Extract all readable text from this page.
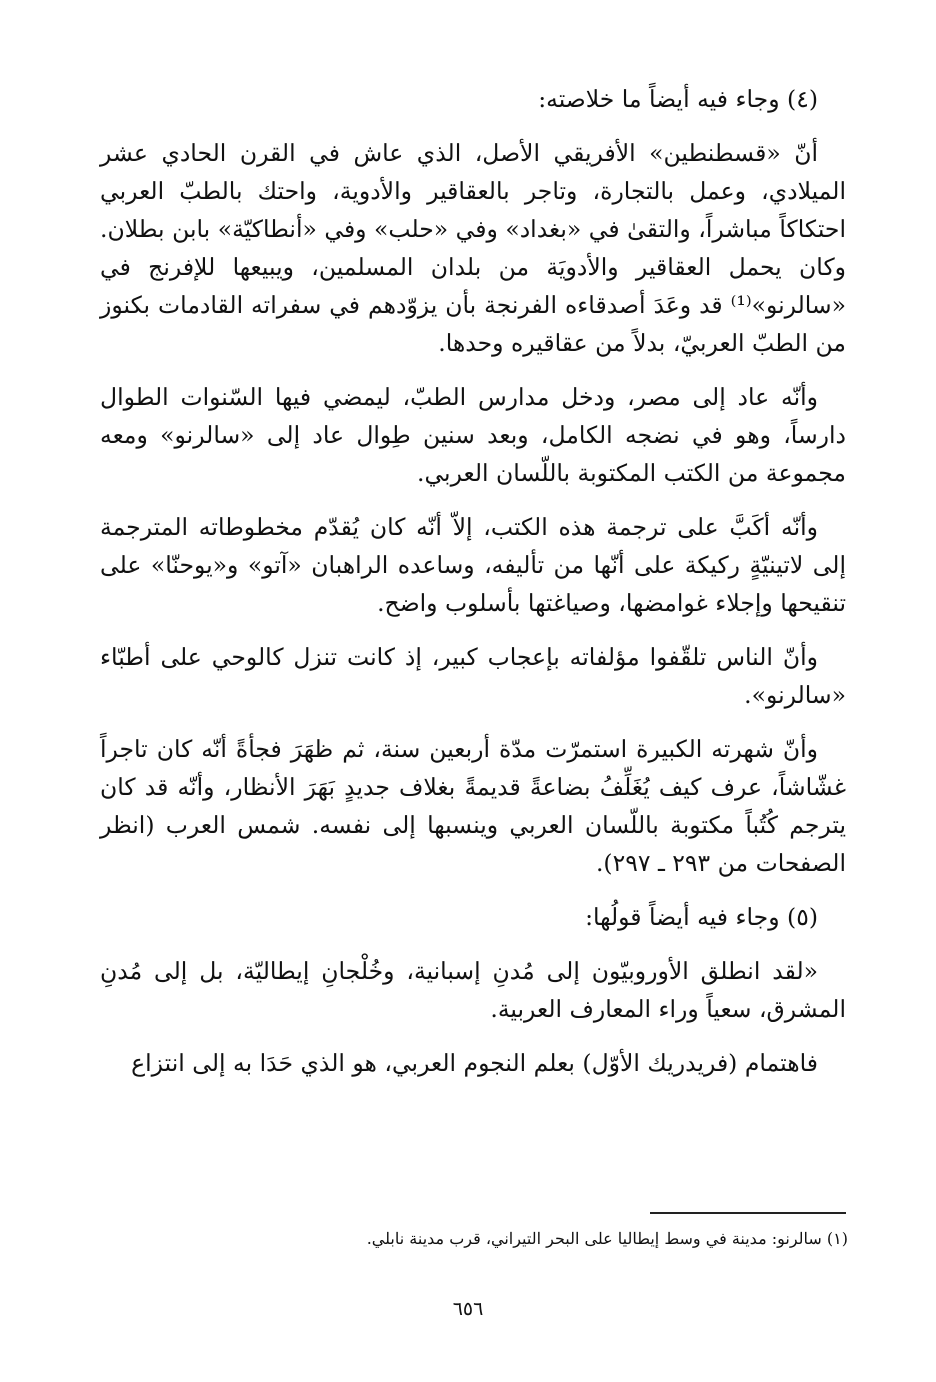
(٤) وجاء فيه أيضاً ما خلاصته:

أنّ «قسطنطين» الأفريقي الأصل، الذي عاش في القرن الحادي عشر الميلادي، وعمل بالتجارة، وتاجر بالعقاقير والأدوية، واحتك بالطبّ العربي احتكاكاً مباشراً، والتقىٰ في «بغداد» وفي «حلب» وفي «أنطاكيّة» بابن بطلان. وكان يحمل العقاقير والأدويَة من بلدان المسلمين، ويبيعها للإفرنج في «سالرنو»⁽¹⁾ قد وعَدَ أصدقاءه الفرنجة بأن يزوّدهم في سفراته القادمات بكنوز من الطبّ العربيّ، بدلاً من عقاقيره وحدها.

وأنّه عاد إلى مصر، ودخل مدارس الطبّ، ليمضي فيها السّنوات الطوال دارساً، وهو في نضجه الكامل، وبعد سنين طِوال عاد إلى «سالرنو» ومعه مجموعة من الكتب المكتوبة باللّسان العربي.

وأنّه أكَبَّ على ترجمة هذه الكتب، إلاّ أنّه كان يُقدّم مخطوطاته المترجمة إلى لاتينيّةٍ ركيكة على أنّها من تأليفه، وساعده الراهبان «آتو» و«يوحنّا» على تنقيحها وإجلاء غوامضها، وصياغتها بأسلوب واضح.

وأنّ الناس تلقّفوا مؤلفاته بإعجاب كبير، إذ كانت تنزل كالوحي على أطبّاء «سالرنو».

وأنّ شهرته الكبيرة استمرّت مدّة أربعين سنة، ثم ظهَرَ فجأةً أنّه كان تاجراً غشّاشاً، عرف كيف يُغَلِّفُ بضاعةً قديمةً بغلاف جديدٍ بَهَرَ الأنظار، وأنّه قد كان يترجم كُتُباً مكتوبة باللّسان العربي وينسبها إلى نفسه. شمس العرب (انظر الصفحات من ٢٩٣ ـ ٢٩٧).

(٥) وجاء فيه أيضاً قولُها:

«لقد انطلق الأوروبيّون إلى مُدنِ إسبانية، وخُلْجانِ إيطاليّة، بل إلى مُدنِ المشرق، سعياً وراء المعارف العربية.

فاهتمام (فريدريك الأوّل) بعلم النجوم العربي، هو الذي حَدَا به إلى انتزاع

(١) سالرنو: مدينة في وسط إيطاليا على البحر التيراني، قرب مدينة نابلي.
٦٥٦
